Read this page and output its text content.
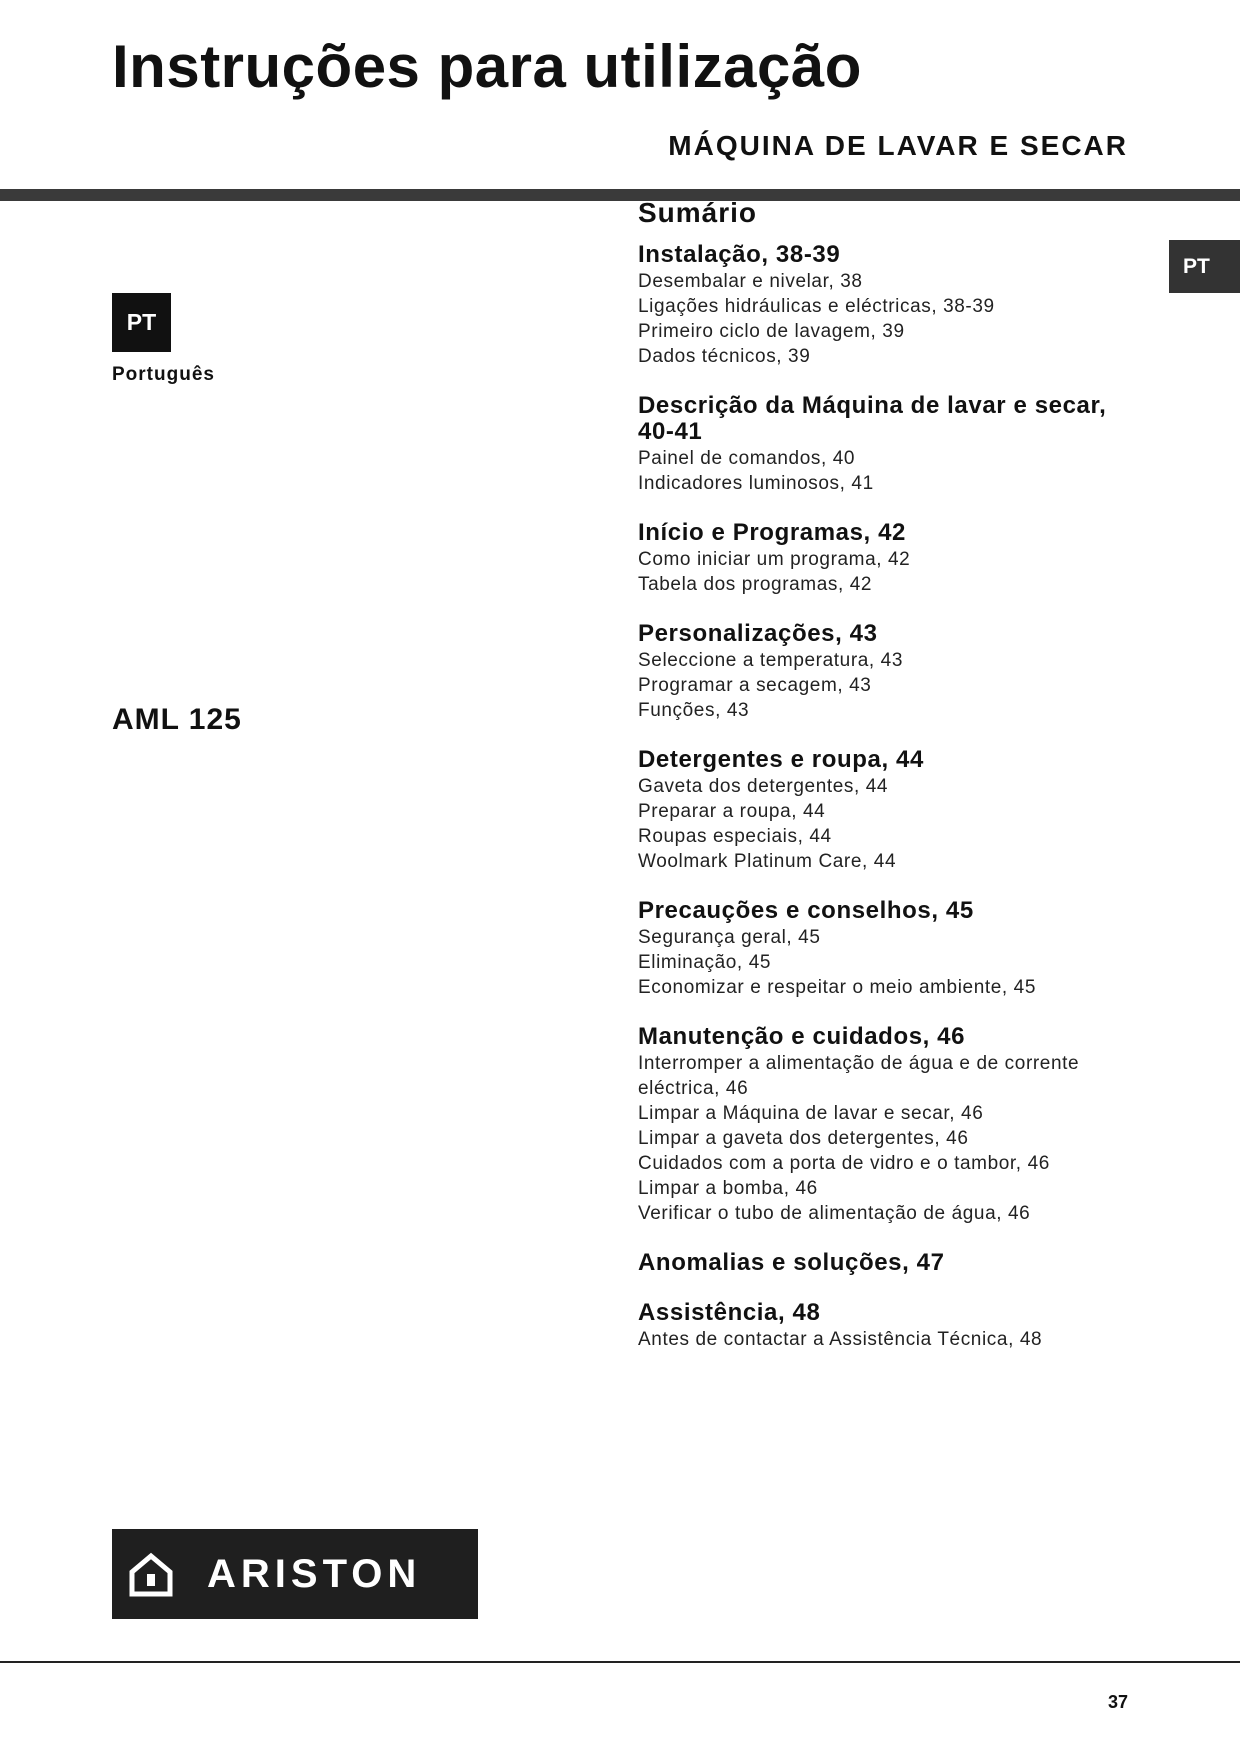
Instruções para utilização
MÁQUINA DE LAVAR E SECAR
PT
PT
Português
AML 125
Sumário
Instalação, 38-39
Desembalar e nivelar, 38
Ligações hidráulicas e eléctricas, 38-39
Primeiro ciclo de lavagem, 39
Dados técnicos, 39
Descrição da Máquina de lavar e secar, 40-41
Painel de comandos, 40
Indicadores luminosos, 41
Início e Programas, 42
Como iniciar um programa, 42
Tabela dos programas, 42
Personalizações, 43
Seleccione a temperatura, 43
Programar a secagem, 43
Funções, 43
Detergentes e roupa, 44
Gaveta dos detergentes, 44
Preparar a roupa, 44
Roupas especiais, 44
Woolmark Platinum Care, 44
Precauções e conselhos, 45
Segurança geral, 45
Eliminação, 45
Economizar e respeitar o meio ambiente, 45
Manutenção e cuidados, 46
Interromper a alimentação de água e de corrente eléctrica, 46
Limpar a Máquina de lavar e secar, 46
Limpar a gaveta dos detergentes, 46
Cuidados com a porta de vidro e o tambor, 46
Limpar a bomba, 46
Verificar o tubo de alimentação de água, 46
Anomalias e soluções, 47
Assistência, 48
Antes de contactar a Assistência Técnica, 48
ARISTON
37
